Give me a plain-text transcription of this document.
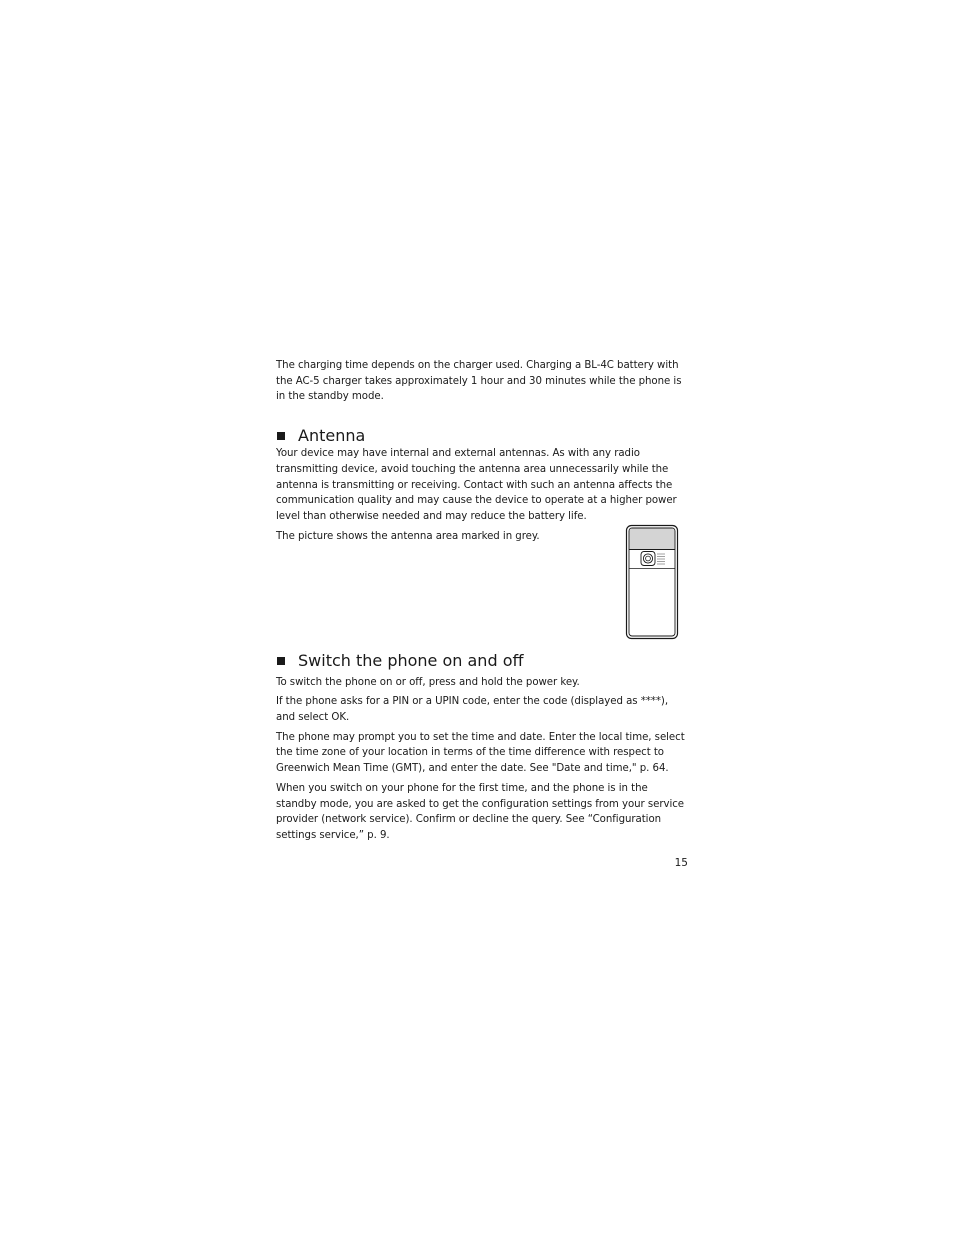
The charging time depends on the charger used. Charging a BL-4C battery with the AC-5 charger takes approximately 1 hour and 30 minutes while the phone is in the standby mode.

Antenna

Your device may have internal and external antennas. As with any radio transmitting device, avoid touching the antenna area unnecessarily while the antenna is transmitting or receiving. Contact with such an antenna affects the communication quality and may cause the device to operate at a higher power level than otherwise needed and may reduce the battery life.

The picture shows the antenna area marked in grey.

Switch the phone on and off

To switch the phone on or off, press and hold the power key.

If the phone asks for a PIN or a UPIN code, enter the code (displayed as ****), and select OK.

The phone may prompt you to set the time and date. Enter the local time, select the time zone of your location in terms of the time difference with respect to Greenwich Mean Time (GMT), and enter the date. See "Date and time," p. 64.

When you switch on your phone for the first time, and the phone is in the standby mode, you are asked to get the configuration settings from your service provider (network service). Confirm or decline the query. See “Configuration settings service,” p. 9.

15
